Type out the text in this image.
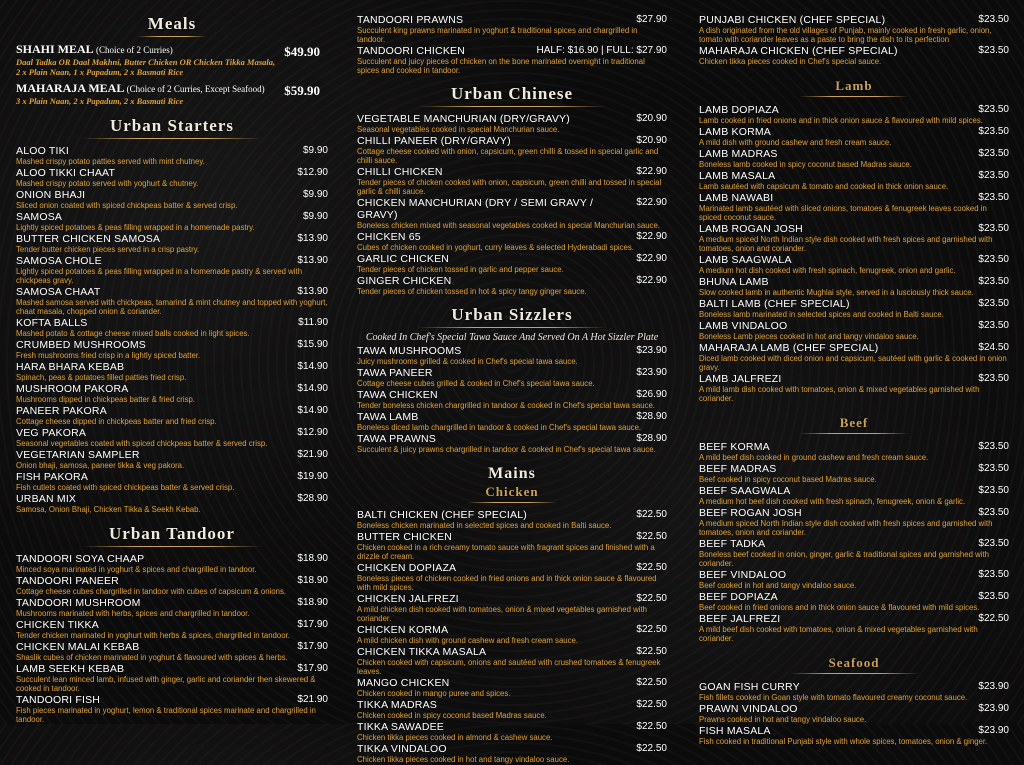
Meals
SHAHI MEAL (Choice of 2 Curries)	$49.90
Daal Tadka OR Daal Makhni, Butter Chicken OR Chicken Tikka Masala,
2 x Plain Naan, 1 x Papadum, 2 x Basmati Rice
MAHARAJA MEAL (Choice of 2 Curries, Except Seafood)	$59.90
3 x Plain Naan, 2 x Papadum, 2 x Basmati Rice
Urban Starters
ALOO TIKI	$9.90
Mashed crispy potato patties served with mint chutney.
ALOO TIKKI CHAAT	$12.90
Mashed crispy potato served with yoghurt & chutney.
ONION BHAJI	$9.90
Sliced onion coated with spiced chickpeas batter & served crisp.
SAMOSA	$9.90
Lightly spiced potatoes & peas filling wrapped in a homemade pastry.
BUTTER CHICKEN SAMOSA	$13.90
Tender butter chicken pieces served in a crisp pastry.
SAMOSA CHOLE	$13.90
Lightly spiced potatoes & peas filling wrapped in a homemade pastry & served with chickpeas gravy.
SAMOSA CHAAT	$13.90
Mashed samosa served with chickpeas, tamarind & mint chutney and topped with yoghurt, chaat masala, chopped onion & coriander.
KOFTA BALLS	$11.90
Mashed potato & cottage cheese mixed balls cooked in light spices.
CRUMBED MUSHROOMS	$15.90
Fresh mushrooms fried crisp in a lightly spiced batter.
HARA BHARA KEBAB	$14.90
Spinach, peas & potatoes filled patties fried crisp.
MUSHROOM PAKORA	$14.90
Mushrooms dipped in chickpeas batter & fried crisp.
PANEER PAKORA	$14.90
Cottage cheese dipped in chickpeas batter and fried crisp.
VEG PAKORA	$12.90
Seasonal vegetables coated with spiced chickpeas batter & served crisp.
VEGETARIAN SAMPLER	$21.90
Onion bhaji, samosa, paneer tikka & veg pakora.
FISH PAKORA	$19.90
Fish cutlets coated with spiced chickpeas batter & served crisp.
URBAN MIX	$28.90
Samosa, Onion Bhaji, Chicken Tikka & Seekh Kebab.
Urban Tandoor
TANDOORI SOYA CHAAP	$18.90
Minced soya marinated in yoghurt & spices and chargrilled in tandoor.
TANDOORI PANEER	$18.90
Cottage cheese cubes chargrilled in tandoor with cubes of capsicum & onions.
TANDOORI MUSHROOM	$18.90
Mushrooms marinated with herbs, spices and chargrilled in tandoor.
CHICKEN TIKKA	$17.90
Tender chicken marinated in yoghurt with herbs & spices, chargrilled in tandoor.
CHICKEN MALAI KEBAB	$17.90
Shaslik cubes of chicken marinated in yoghurt & flavoured with spices & herbs.
LAMB SEEKH KEBAB	$17.90
Succulent lean minced lamb, infused with ginger, garlic and coriander then skewered & cooked in tandoor.
TANDOORI FISH	$21.90
Fish pieces marinated in yoghurt, lemon & traditional spices marinate and chargrilled in tandoor.
TANDOORI PRAWNS	$27.90
Succulent king prawns marinated in yoghurt & traditional spices and chargrilled in tandoor.
TANDOORI CHICKEN	HALF: $16.90 | FULL: $27.90
Succulent and juicy pieces of chicken on the bone marinated overnight in traditional spices and cooked in tandoor.
Urban Chinese
VEGETABLE MANCHURIAN (DRY/GRAVY)	$20.90
Seasonal vegetables cooked in special Manchurian sauce.
CHILLI PANEER (DRY/GRAVY)	$20.90
Cottage cheese cooked with onion, capsicum, green chilli & tossed in special garlic and chilli sauce.
CHILLI CHICKEN	$22.90
Tender pieces of chicken cooked with onion, capsicum, green chilli and tossed in special garlic & chilli sauce.
CHICKEN MANCHURIAN (DRY / SEMI GRAVY / GRAVY)
$22.90
Boneless chicken mixed with seasonal vegetables cooked in special Manchurian sauce.
CHICKEN 65	$22.90
Cubes of chicken cooked in yoghurt, curry leaves & selected Hyderabadi spices.
GARLIC CHICKEN	$22.90
Tender pieces of chicken tossed in garlic and pepper sauce.
GINGER CHICKEN	$22.90
Tender pieces of chicken tossed in hot & spicy tangy ginger sauce.
Urban Sizzlers
Cooked In Chef's Special Tawa Sauce And Served On A Hot Sizzler Plate
TAWA MUSHROOMS	$23.90
Juicy mushrooms grilled & cooked in Chef's special tawa sauce.
TAWA PANEER	$23.90
Cottage cheese cubes grilled & cooked in Chef's special tawa sauce.
TAWA CHICKEN	$26.90
Tender boneless chicken chargrilled in tandoor & cooked in Chef's special tawa sauce.
TAWA LAMB	$28.90
Boneless diced lamb chargrilled in tandoor & cooked in Chef's special tawa sauce.
TAWA PRAWNS	$28.90
Succulent & juicy prawns chargrilled in tandoor & cooked in Chef's special tawa sauce.
Mains
Chicken
BALTI CHICKEN (CHEF SPECIAL)	$22.50
Boneless chicken marinated in selected spices and cooked in Balti sauce.
BUTTER CHICKEN	$22.50
Chicken cooked in a rich creamy tomato sauce with fragrant spices and finished with a drizzle of cream.
CHICKEN DOPIAZA	$22.50
Boneless pieces of chicken cooked in fried onions and in thick onion sauce & flavoured with mild spices.
CHICKEN JALFREZI	$22.50
A mild chicken dish cooked with tomatoes, onion & mixed vegetables garnished with coriander.
CHICKEN KORMA	$22.50
A mild chicken dish with ground cashew and fresh cream sauce.
CHICKEN TIKKA MASALA	$22.50
Chicken cooked with capsicum, onions and sautéed with crushed tomatoes & fenugreek leaves.
MANGO CHICKEN	$22.50
Chicken cooked in mango puree and spices.
TIKKA MADRAS	$22.50
Chicken cooked in spicy coconut based Madras sauce.
TIKKA SAWADEE	$22.50
Chicken tikka pieces cooked in almond & cashew sauce.
TIKKA VINDALOO	$22.50
Chicken tikka pieces cooked in hot and tangy vindaloo sauce.
PUNJABI CHICKEN (CHEF SPECIAL)	$23.50
A dish originated from the old villages of Punjab, mainly cooked in fresh garlic, onion, tomato with coriander leaves as a paste to bring the dish to its perfection
MAHARAJA CHICKEN (CHEF SPECIAL)	$23.50
Chicken tikka pieces cooked in Chef's special sauce.
Lamb
LAMB DOPIAZA	$23.50
Lamb cooked in fried onions and in thick onion sauce & flavoured with mild spices.
LAMB KORMA	$23.50
A mild dish with ground cashew and fresh cream sauce.
LAMB MADRAS	$23.50
Boneless lamb cooked in spicy coconut based Madras sauce.
LAMB MASALA	$23.50
Lamb sautéed with capsicum & tomato and cooked in thick onion sauce.
LAMB NAWABI	$23.50
Marinated lamb sautéed with sliced onions, tomatoes & fenugreek leaves cooked in spiced coconut sauce.
LAMB ROGAN JOSH	$23.50
A medium spiced North Indian style dish cooked with fresh spices and garnished with tomatoes, onion and coriander.
LAMB SAAGWALA	$23.50
A medium hot dish cooked with fresh spinach, fenugreek, onion and garlic.
BHUNA LAMB	$23.50
Slow cooked lamb in authentic Mughlai style, served in a lusciously thick sauce.
BALTI LAMB (CHEF SPECIAL)	$23.50
Boneless lamb marinated in selected spices and cooked in Balti sauce.
LAMB VINDALOO	$23.50
Boneless Lamb pieces cooked in hot and tangy vindaloo sauce.
MAHARAJA LAMB (CHEF SPECIAL)	$24.50
Diced lamb cooked with diced onion and capsicum, sautéed with garlic & cooked in onion gravy.
LAMB JALFREZI	$23.50
A mild lamb dish cooked with tomatoes, onion & mixed vegetables garnished with coriander.
Beef
BEEF KORMA	$23.50
A mild beef dish cooked in ground cashew and fresh cream sauce.
BEEF MADRAS	$23.50
Beef cooked in spicy coconut based Madras sauce.
BEEF SAAGWALA	$23.50
A medium hot beef dish cooked with fresh spinach, fenugreek, onion & garlic.
BEEF ROGAN JOSH	$23.50
A medium spiced North Indian style dish cooked with fresh spices and garnished with tomatoes, onion and coriander.
BEEF TADKA	$23.50
Boneless beef cooked in onion, ginger, garlic & traditional spices and garnished with coriander.
BEEF VINDALOO	$23.50
Beef cooked in hot and tangy vindaloo sauce.
BEEF DOPIAZA	$23.50
Beef cooked in fried onions and in thick onion sauce & flavoured with mild spices.
BEEF JALFREZI	$22.50
A mild beef dish cooked with tomatoes, onion & mixed vegetables garnished with coriander.
Seafood
GOAN FISH CURRY	$23.90
Fish fillets cooked in Goan style with tomato flavoured creamy coconut sauce.
PRAWN VINDALOO	$23.90
Prawns cooked in hot and tangy vindaloo sauce.
FISH MASALA	$23.90
Fish cooked in traditional Punjabi style with whole spices, tomatoes, onion & ginger.
